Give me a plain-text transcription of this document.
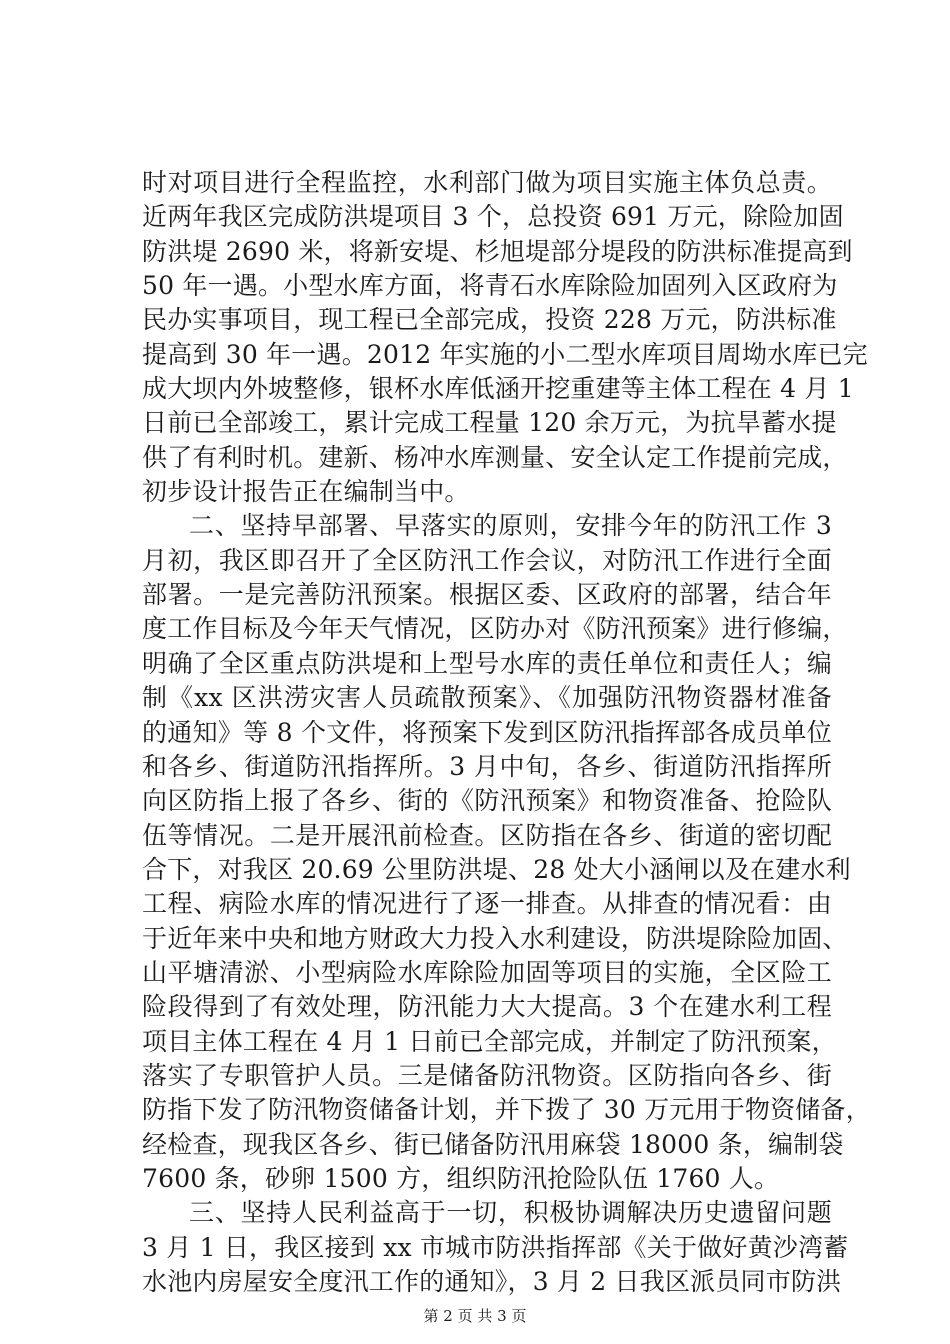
时对项目进行全程监控，水利部门做为项目实施主体负总责。
近两年我区完成防洪堤项目 3 个，总投资 691 万元，除险加固
防洪堤 2690 米，将新安堤、杉旭堤部分堤段的防洪标准提高到
50 年一遇。小型水库方面，将青石水库除险加固列入区政府为
民办实事项目，现工程已全部完成，投资 228 万元，防洪标准
提高到 30 年一遇。2012 年实施的小二型水库项目周坳水库已完
成大坝内外坡整修，银杯水库低涵开挖重建等主体工程在 4 月 1
日前已全部竣工，累计完成工程量 120 余万元，为抗旱蓄水提
供了有利时机。建新、杨冲水库测量、安全认定工作提前完成，
初步设计报告正在编制当中。
二、坚持早部署、早落实的原则，安排今年的防汛工作 3
月初，我区即召开了全区防汛工作会议，对防汛工作进行全面
部署。一是完善防汛预案。根据区委、区政府的部署，结合年
度工作目标及今年天气情况，区防办对《防汛预案》进行修编，
明确了全区重点防洪堤和上型号水库的责任单位和责任人；编
制《xx 区洪涝灾害人员疏散预案》、《加强防汛物资器材准备
的通知》等 8 个文件，将预案下发到区防汛指挥部各成员单位
和各乡、街道防汛指挥所。3 月中旬，各乡、街道防汛指挥所
向区防指上报了各乡、街的《防汛预案》和物资准备、抢险队
伍等情况。二是开展汛前检查。区防指在各乡、街道的密切配
合下，对我区 20.69 公里防洪堤、28 处大小涵闸以及在建水利
工程、病险水库的情况进行了逐一排查。从排查的情况看：由
于近年来中央和地方财政大力投入水利建设，防洪堤除险加固、
山平塘清淤、小型病险水库除险加固等项目的实施，全区险工
险段得到了有效处理，防汛能力大大提高。3 个在建水利工程
项目主体工程在 4 月 1 日前已全部完成，并制定了防汛预案，
落实了专职管护人员。三是储备防汛物资。区防指向各乡、街
防指下发了防汛物资储备计划，并下拨了 30 万元用于物资储备，
经检查，现我区各乡、街已储备防汛用麻袋 18000 条，编制袋
7600 条，砂卵 1500 方，组织防汛抢险队伍 1760 人。
三、坚持人民利益高于一切，积极协调解决历史遗留问题
3 月 1 日，我区接到 xx 市城市防洪指挥部《关于做好黄沙湾蓄
水池内房屋安全度汛工作的通知》，3 月 2 日我区派员同市防洪
第 2 页 共 3 页
